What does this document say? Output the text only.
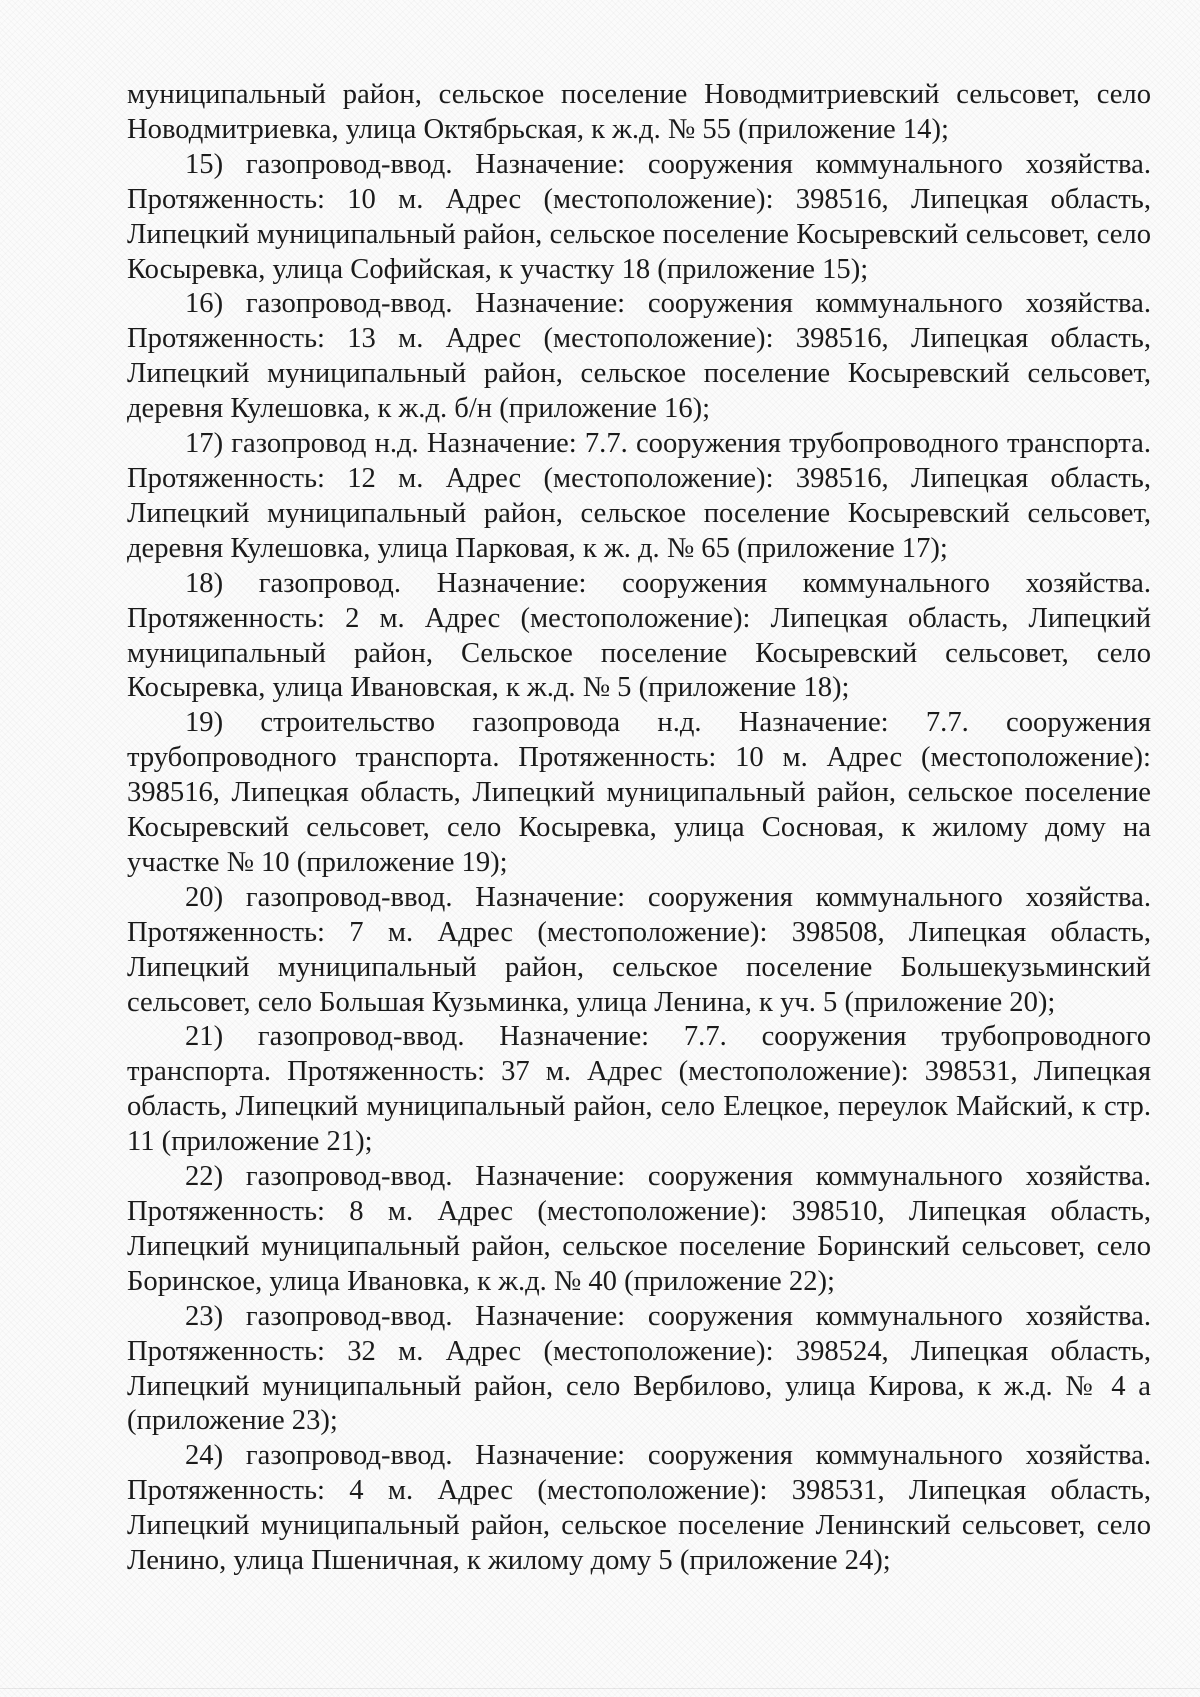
муниципальный район, сельское поселение Новодмитриевский сельсовет, село Новодмитриевка, улица Октябрьская, к ж.д. № 55 (приложение 14);

15) газопровод-ввод. Назначение: сооружения коммунального хозяйства. Протяженность: 10 м. Адрес (местоположение): 398516, Липецкая область, Липецкий муниципальный район, сельское поселение Косыревский сельсовет, село Косыревка, улица Софийская, к участку 18 (приложение 15);

16) газопровод-ввод. Назначение: сооружения коммунального хозяйства. Протяженность: 13 м. Адрес (местоположение): 398516, Липецкая область, Липецкий муниципальный район, сельское поселение Косыревский сельсовет, деревня Кулешовка, к ж.д. б/н (приложение 16);

17) газопровод н.д. Назначение: 7.7. сооружения трубопроводного транспорта. Протяженность: 12 м. Адрес (местоположение): 398516, Липецкая область, Липецкий муниципальный район, сельское поселение Косыревский сельсовет, деревня Кулешовка, улица Парковая, к ж. д. № 65 (приложение 17);

18) газопровод. Назначение: сооружения коммунального хозяйства. Протяженность: 2 м. Адрес (местоположение): Липецкая область, Липецкий муниципальный район, Сельское поселение Косыревский сельсовет, село Косыревка, улица Ивановская, к ж.д. № 5 (приложение 18);

19) строительство газопровода н.д. Назначение: 7.7. сооружения трубопроводного транспорта. Протяженность: 10 м. Адрес (местоположение): 398516, Липецкая область, Липецкий муниципальный район, сельское поселение Косыревский сельсовет, село Косыревка, улица Сосновая, к жилому дому на участке № 10 (приложение 19);

20) газопровод-ввод. Назначение: сооружения коммунального хозяйства. Протяженность: 7 м. Адрес (местоположение): 398508, Липецкая область, Липецкий муниципальный район, сельское поселение Большекузьминский сельсовет, село Большая Кузьминка, улица Ленина, к уч. 5 (приложение 20);

21) газопровод-ввод. Назначение: 7.7. сооружения трубопроводного транспорта. Протяженность: 37 м. Адрес (местоположение): 398531, Липецкая область, Липецкий муниципальный район, село Елецкое, переулок Майский, к стр. 11 (приложение 21);

22) газопровод-ввод. Назначение: сооружения коммунального хозяйства. Протяженность: 8 м. Адрес (местоположение): 398510, Липецкая область, Липецкий муниципальный район, сельское поселение Боринский сельсовет, село Боринское, улица Ивановка, к ж.д. № 40 (приложение 22);

23) газопровод-ввод. Назначение: сооружения коммунального хозяйства. Протяженность: 32 м. Адрес (местоположение): 398524, Липецкая область, Липецкий муниципальный район, село Вербилово, улица Кирова, к ж.д. № 4 а (приложение 23);

24) газопровод-ввод. Назначение: сооружения коммунального хозяйства. Протяженность: 4 м. Адрес (местоположение): 398531, Липецкая область, Липецкий муниципальный район, сельское поселение Ленинский сельсовет, село Ленино, улица Пшеничная, к жилому дому 5 (приложение 24);
